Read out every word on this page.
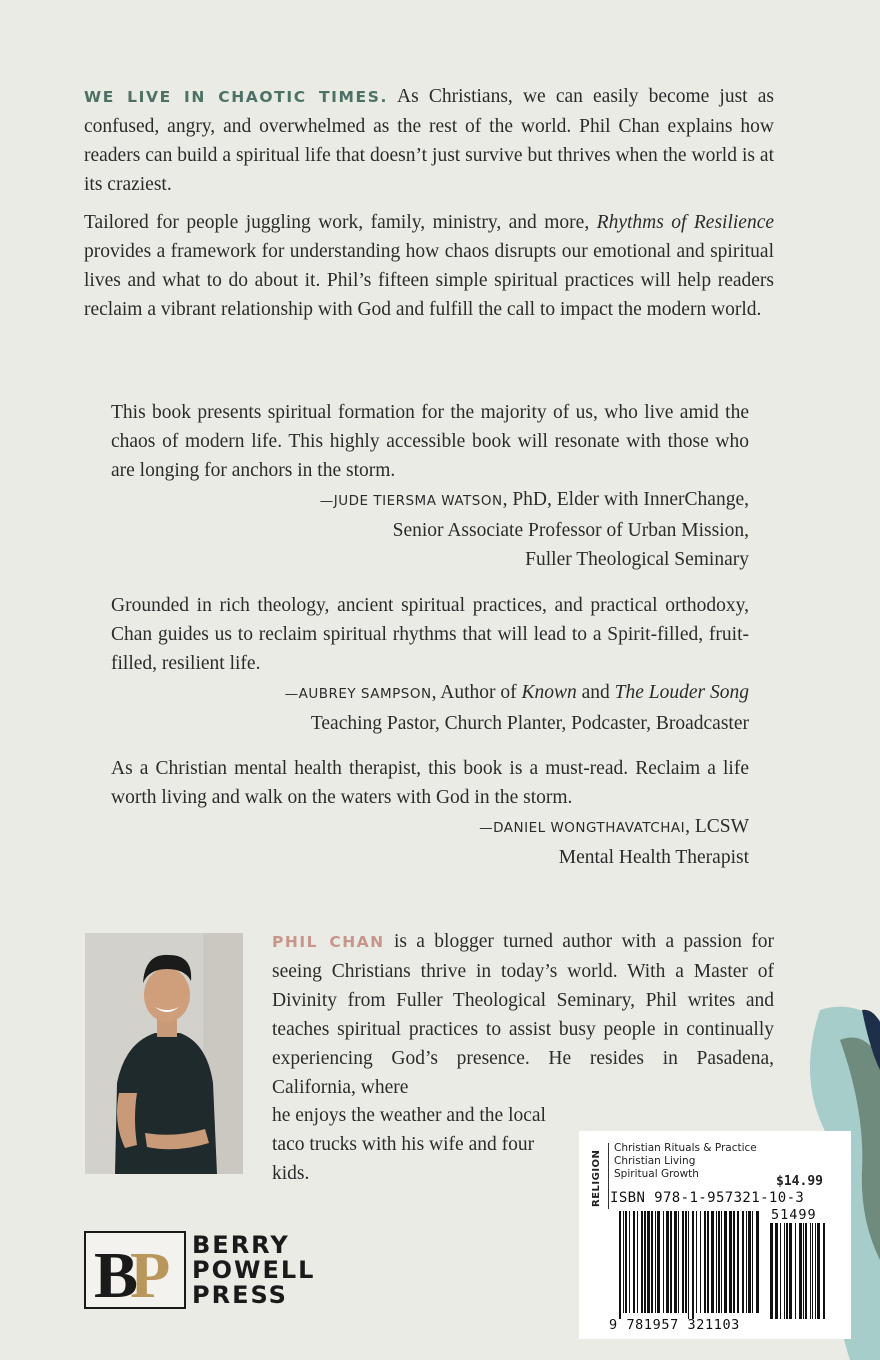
WE LIVE IN CHAOTIC TIMES. As Christians, we can easily become just as confused, angry, and overwhelmed as the rest of the world. Phil Chan explains how readers can build a spiritual life that doesn’t just survive but thrives when the world is at its craziest.
Tailored for people juggling work, family, ministry, and more, Rhythms of Resilience provides a framework for understanding how chaos disrupts our emotional and spiritual lives and what to do about it. Phil’s fifteen simple spiritual practices will help readers reclaim a vibrant relationship with God and fulfill the call to impact the modern world.
This book presents spiritual formation for the majority of us, who live amid the chaos of modern life. This highly accessible book will resonate with those who are longing for anchors in the storm.
—JUDE TIERSMA WATSON, PhD, Elder with InnerChange,
Senior Associate Professor of Urban Mission,
Fuller Theological Seminary
Grounded in rich theology, ancient spiritual practices, and practical orthodoxy, Chan guides us to reclaim spiritual rhythms that will lead to a Spirit-filled, fruit-filled, resilient life.
—AUBREY SAMPSON, Author of Known and The Louder Song
Teaching Pastor, Church Planter, Podcaster, Broadcaster
As a Christian mental health therapist, this book is a must-read. Reclaim a life worth living and walk on the waters with God in the storm.
—DANIEL WONGTHAVATCHAI, LCSW
Mental Health Therapist
PHIL CHAN is a blogger turned author with a passion for seeing Christians thrive in today’s world. With a Master of Divinity from Fuller Theological Seminary, Phil writes and teaches spiritual practices to assist busy people in continually experiencing God’s presence. He resides in Pasadena, California, where
he enjoys the weather and the local taco trucks with his wife and four kids.
B
P BERRY
POWELL
PRESS
RELIGION
Christian Rituals & Practice
Christian Living
Spiritual Growth	$14.99
ISBN 978-1-957321-10-3
51499
9 781957 321103
